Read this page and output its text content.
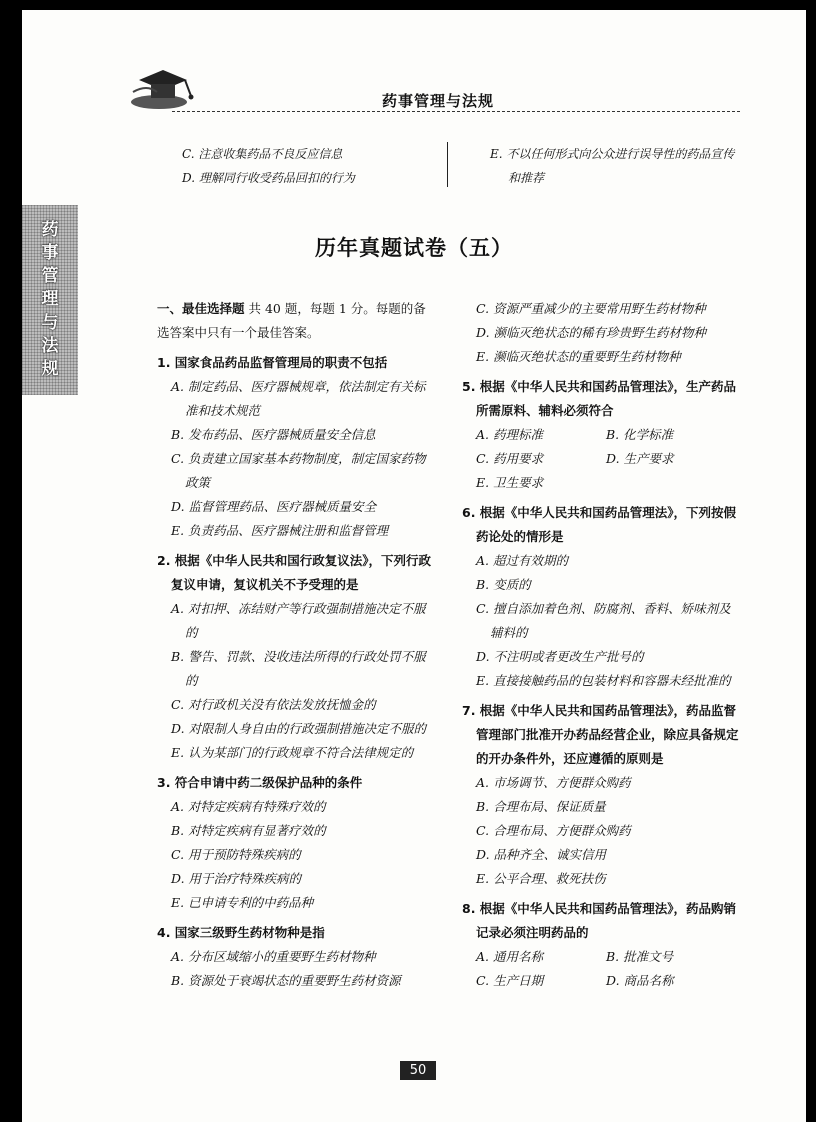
药事管理与法规
药
事
管
理
与
法
规
C. 注意收集药品不良反应信息
D. 理解同行收受药品回扣的行为
E. 不以任何形式向公众进行误导性的药品宣传和推荐
历年真题试卷（五）
一、最佳选择题 共 40 题，每题 1 分。每题的备选答案中只有一个最佳答案。
1. 国家食品药品监督管理局的职责不包括
A. 制定药品、医疗器械规章，依法制定有关标准和技术规范
B. 发布药品、医疗器械质量安全信息
C. 负责建立国家基本药物制度，制定国家药物政策
D. 监督管理药品、医疗器械质量安全
E. 负责药品、医疗器械注册和监督管理
2. 根据《中华人民共和国行政复议法》，下列行政复议申请，复议机关不予受理的是
A. 对扣押、冻结财产等行政强制措施决定不服的
B. 警告、罚款、没收违法所得的行政处罚不服的
C. 对行政机关没有依法发放抚恤金的
D. 对限制人身自由的行政强制措施决定不服的
E. 认为某部门的行政规章不符合法律规定的
3. 符合申请中药二级保护品种的条件
A. 对特定疾病有特殊疗效的
B. 对特定疾病有显著疗效的
C. 用于预防特殊疾病的
D. 用于治疗特殊疾病的
E. 已申请专利的中药品种
4. 国家三级野生药材物种是指
A. 分布区域缩小的重要野生药材物种
B. 资源处于衰竭状态的重要野生药材资源
C. 资源严重减少的主要常用野生药材物种
D. 濒临灭绝状态的稀有珍贵野生药材物种
E. 濒临灭绝状态的重要野生药材物种
5. 根据《中华人民共和国药品管理法》，生产药品所需原料、辅料必须符合
A. 药理标准	B. 化学标准
C. 药用要求	D. 生产要求
E. 卫生要求
6. 根据《中华人民共和国药品管理法》，下列按假药论处的情形是
A. 超过有效期的
B. 变质的
C. 擅自添加着色剂、防腐剂、香料、矫味剂及辅料的
D. 不注明或者更改生产批号的
E. 直接接触药品的包装材料和容器未经批准的
7. 根据《中华人民共和国药品管理法》，药品监督管理部门批准开办药品经营企业，除应具备规定的开办条件外，还应遵循的原则是
A. 市场调节、方便群众购药
B. 合理布局、保证质量
C. 合理布局、方便群众购药
D. 品种齐全、诚实信用
E. 公平合理、救死扶伤
8. 根据《中华人民共和国药品管理法》，药品购销记录必须注明药品的
A. 通用名称	B. 批准文号
C. 生产日期	D. 商品名称
50
